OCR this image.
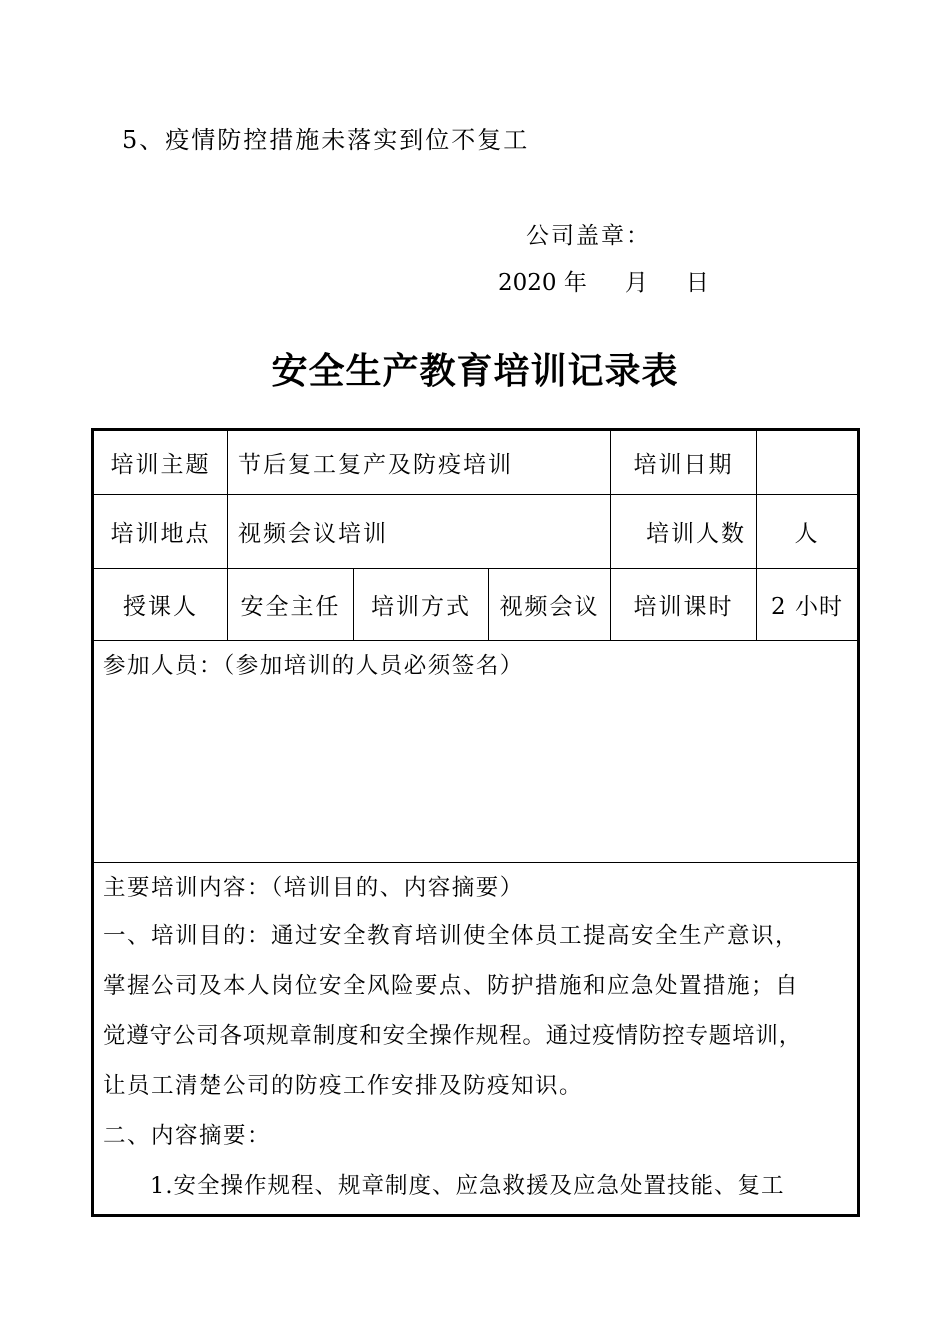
5、疫情防控措施未落实到位不复工
公司盖章：
2020 年 月 日
安全生产教育培训记录表
培训主题	节后复工复产及防疫培训	培训日期
培训地点	视频会议培训	培训人数	人
授课人	安全主任	培训方式	视频会议	培训课时	2 小时
参加人员：（参加培训的人员必须签名）
主要培训内容：（培训目的、内容摘要）
一、培训目的：通过安全教育培训使全体员工提高安全生产意识，
掌握公司及本人岗位安全风险要点、防护措施和应急处置措施；自
觉遵守公司各项规章制度和安全操作规程。通过疫情防控专题培训，
让员工清楚公司的防疫工作安排及防疫知识。
二、内容摘要：
1.安全操作规程、规章制度、应急救援及应急处置技能、复工
